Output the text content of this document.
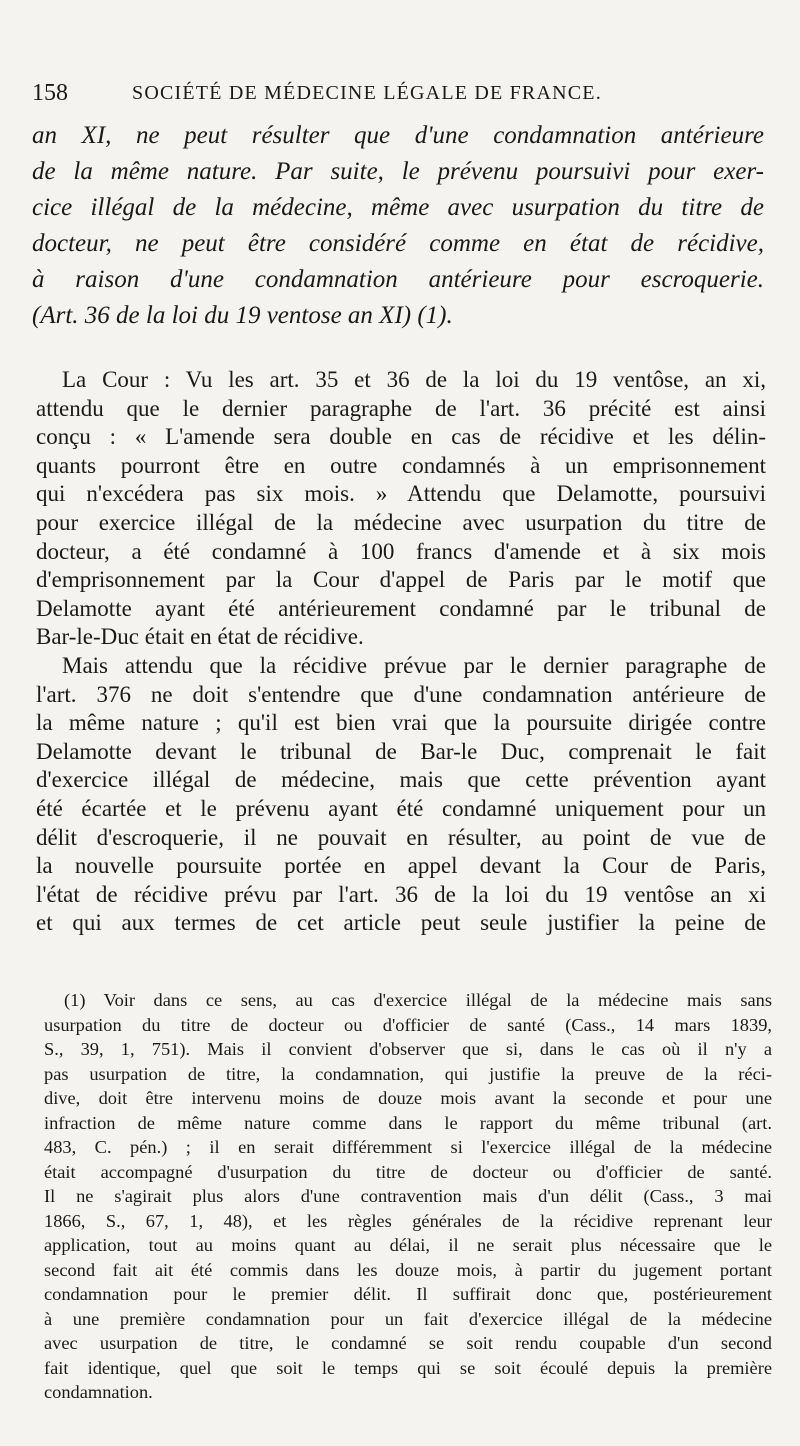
158	SOCIÉTÉ DE MÉDECINE LÉGALE DE FRANCE.
an XI, ne peut résulter que d'une condamnation antérieure
de la même nature. Par suite, le prévenu poursuivi pour exer-
cice illégal de la médecine, même avec usurpation du titre de
docteur, ne peut être considéré comme en état de récidive,
à raison d'une condamnation antérieure pour escroquerie.
(Art. 36 de la loi du 19 ventose an XI) (1).
La Cour : Vu les art. 35 et 36 de la loi du 19 ventôse, an xi,
attendu que le dernier paragraphe de l'art. 36 précité est ainsi
conçu : « L'amende sera double en cas de récidive et les délin-
quants pourront être en outre condamnés à un emprisonnement
qui n'excédera pas six mois. » Attendu que Delamotte, poursuivi
pour exercice illégal de la médecine avec usurpation du titre de
docteur, a été condamné à 100 francs d'amende et à six mois
d'emprisonnement par la Cour d'appel de Paris par le motif que
Delamotte ayant été antérieurement condamné par le tribunal de
Bar-le-Duc était en état de récidive.
Mais attendu que la récidive prévue par le dernier paragraphe de
l'art. 376 ne doit s'entendre que d'une condamnation antérieure de
la même nature ; qu'il est bien vrai que la poursuite dirigée contre
Delamotte devant le tribunal de Bar-le Duc, comprenait le fait
d'exercice illégal de médecine, mais que cette prévention ayant
été écartée et le prévenu ayant été condamné uniquement pour un
délit d'escroquerie, il ne pouvait en résulter, au point de vue de
la nouvelle poursuite portée en appel devant la Cour de Paris,
l'état de récidive prévu par l'art. 36 de la loi du 19 ventôse an xi
et qui aux termes de cet article peut seule justifier la peine de
(1) Voir dans ce sens, au cas d'exercice illégal de la médecine mais sans
usurpation du titre de docteur ou d'officier de santé (Cass., 14 mars 1839,
S., 39, 1, 751). Mais il convient d'observer que si, dans le cas où il n'y a
pas usurpation de titre, la condamnation, qui justifie la preuve de la réci-
dive, doit être intervenu moins de douze mois avant la seconde et pour une
infraction de même nature comme dans le rapport du même tribunal (art.
483, C. pén.) ; il en serait différemment si l'exercice illégal de la médecine
était accompagné d'usurpation du titre de docteur ou d'officier de santé.
Il ne s'agirait plus alors d'une contravention mais d'un délit (Cass., 3 mai
1866, S., 67, 1, 48), et les règles générales de la récidive reprenant leur
application, tout au moins quant au délai, il ne serait plus nécessaire que le
second fait ait été commis dans les douze mois, à partir du jugement portant
condamnation pour le premier délit. Il suffirait donc que, postérieurement
à une première condamnation pour un fait d'exercice illégal de la médecine
avec usurpation de titre, le condamné se soit rendu coupable d'un second
fait identique, quel que soit le temps qui se soit écoulé depuis la première
condamnation.
